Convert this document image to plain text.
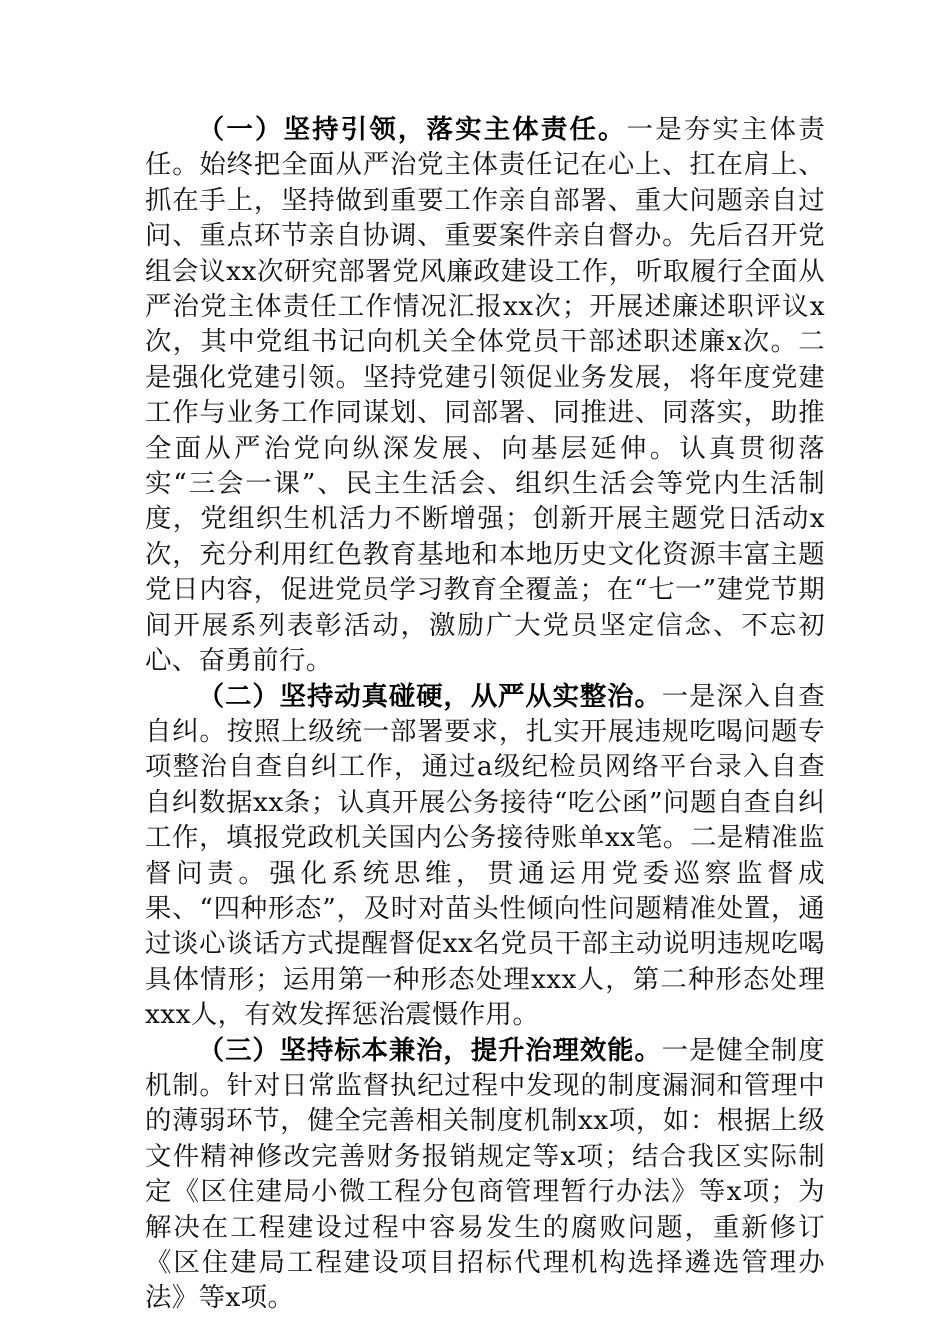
（一）坚持引领，落实主体责任。一是夯实主体责任。始终把全面从严治党主体责任记在心上、扛在肩上、抓在手上，坚持做到重要工作亲自部署、重大问题亲自过问、重点环节亲自协调、重要案件亲自督办。先后召开党组会议xx次研究部署党风廉政建设工作，听取履行全面从严治党主体责任工作情况汇报xx次；开展述廉述职评议x次，其中党组书记向机关全体党员干部述职述廉x次。二是强化党建引领。坚持党建引领促业务发展，将年度党建工作与业务工作同谋划、同部署、同推进、同落实，助推全面从严治党向纵深发展、向基层延伸。认真贯彻落实“三会一课”、民主生活会、组织生活会等党内生活制度，党组织生机活力不断增强；创新开展主题党日活动x次，充分利用红色教育基地和本地历史文化资源丰富主题党日内容，促进党员学习教育全覆盖；在“七一”建党节期间开展系列表彰活动，激励广大党员坚定信念、不忘初心、奋勇前行。

（二）坚持动真碰硬，从严从实整治。一是深入自查自纠。按照上级统一部署要求，扎实开展违规吃喝问题专项整治自查自纠工作，通过a级纪检员网络平台录入自查自纠数据xx条；认真开展公务接待“吃公函”问题自查自纠工作，填报党政机关国内公务接待账单xx笔。二是精准监督问责。强化系统思维，贯通运用党委巡察监督成果、“四种形态”，及时对苗头性倾向性问题精准处置，通过谈心谈话方式提醒督促xx名党员干部主动说明违规吃喝具体情形；运用第一种形态处理xxx人，第二种形态处理xxx人，有效发挥惩治震慑作用。

（三）坚持标本兼治，提升治理效能。一是健全制度机制。针对日常监督执纪过程中发现的制度漏洞和管理中的薄弱环节，健全完善相关制度机制xx项，如：根据上级文件精神修改完善财务报销规定等x项；结合我区实际制定《区住建局小微工程分包商管理暂行办法》等x项；为解决在工程建设过程中容易发生的腐败问题，重新修订《区住建局工程建设项目招标代理机构选择遴选管理办法》等x项。
